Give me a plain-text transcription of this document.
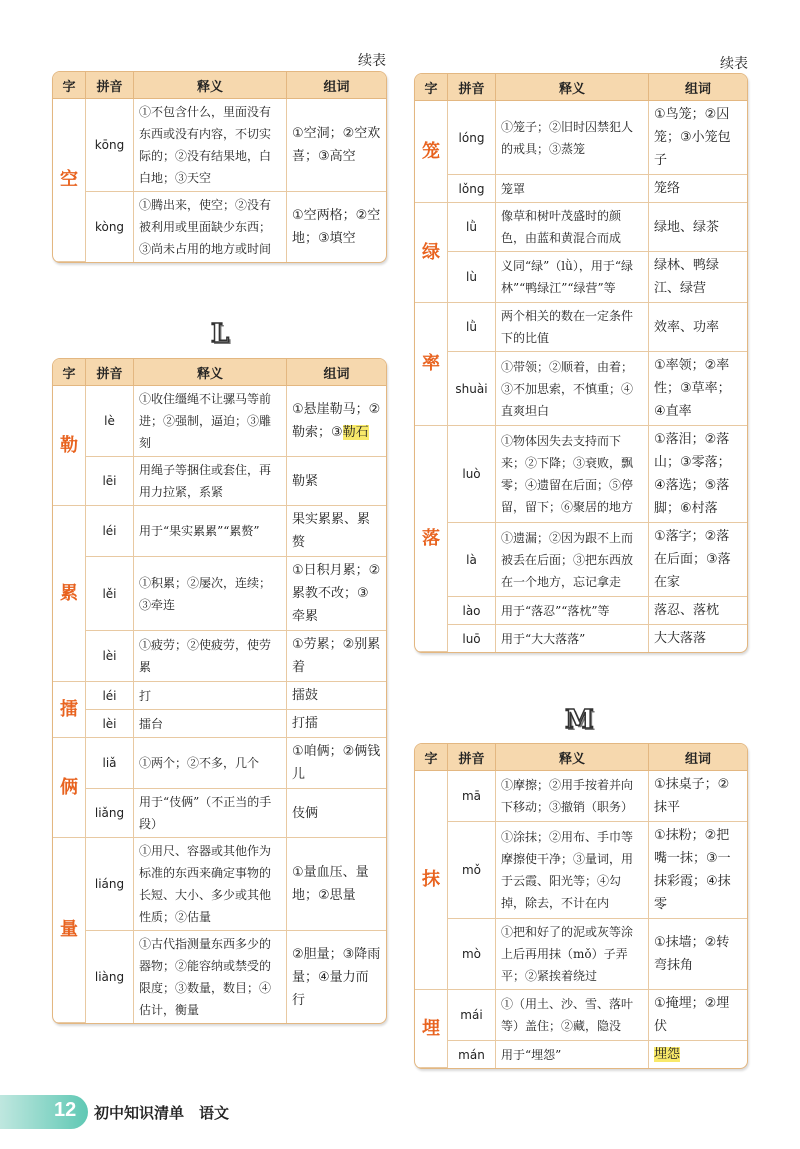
续表	续表
字	拼音	释义	组词
空	kōng	①不包含什么，里面没有东西或没有内容，不切实际的；②没有结果地，白白地；③天空	①空洞；②空欢喜；③高空
	kòng	①腾出来，使空；②没有被利用或里面缺少东西；③尚未占用的地方或时间	①空两格；②空地；③填空
L
字	拼音	释义	组词
勒	lè	①收住缰绳不让骡马等前进；②强制，逼迫；③雕刻	①悬崖勒马；②勒索；③勒石
	lēi	用绳子等捆住或套住，再用力拉紧，系紧	勒紧
累	léi	用于“果实累累”“累赘”	果实累累、累赘
	lěi	①积累；②屡次，连续；③牵连	①日积月累；②累教不改；③牵累
	lèi	①疲劳；②使疲劳，使劳累	①劳累；②别累着
擂	léi	打	擂鼓
	lèi	擂台	打擂
俩	liǎ	①两个；②不多，几个	①咱俩；②俩钱儿
	liǎng	用于“伎俩”（不正当的手段）	伎俩
量	liáng	①用尺、容器或其他作为标准的东西来确定事物的长短、大小、多少或其他性质；②估量	①量血压、量地；②思量
	liàng	①古代指测量东西多少的器物；②能容纳或禁受的限度；③数量，数目；④估计，衡量	②胆量；③降雨量；④量力而行
字	拼音	释义	组词
笼	lóng	①笼子；②旧时囚禁犯人的戒具；③蒸笼	①鸟笼；②囚笼；③小笼包子
	lǒng	笼罩	笼络
绿	lǜ	像草和树叶茂盛时的颜色，由蓝和黄混合而成	绿地、绿茶
	lù	义同“绿”（lǜ），用于“绿林”“鸭绿江”“绿营”等	绿林、鸭绿江、绿营
率	lǜ	两个相关的数在一定条件下的比值	效率、功率
	shuài	①带领；②顺着，由着；③不加思索，不慎重；④直爽坦白	①率领；②率性；③草率；④直率
落	luò	①物体因失去支持而下来；②下降；③衰败，飘零；④遗留在后面；⑤停留，留下；⑥聚居的地方	①落泪；②落山；③零落；④落选；⑤落脚；⑥村落
	là	①遗漏；②因为跟不上而被丢在后面；③把东西放在一个地方，忘记拿走	①落字；②落在后面；③落在家
	lào	用于“落忍”“落枕”等	落忍、落枕
	luō	用于“大大落落”	大大落落
M
字	拼音	释义	组词
抹	mā	①摩擦；②用手按着并向下移动；③撤销（职务）	①抹桌子；②抹平
	mǒ	①涂抹；②用布、手巾等摩擦使干净；③量词，用于云霞、阳光等；④勾掉，除去，不计在内	①抹粉；②把嘴一抹；③一抹彩霞；④抹零
	mò	①把和好了的泥或灰等涂上后再用抹（mǒ）子弄平；②紧挨着绕过	①抹墙；②转弯抹角
埋	mái	①（用土、沙、雪、落叶等）盖住；②藏，隐没	①掩埋；②埋伏
	mán	用于“埋怨”	埋怨
12 初中知识清单　语文
